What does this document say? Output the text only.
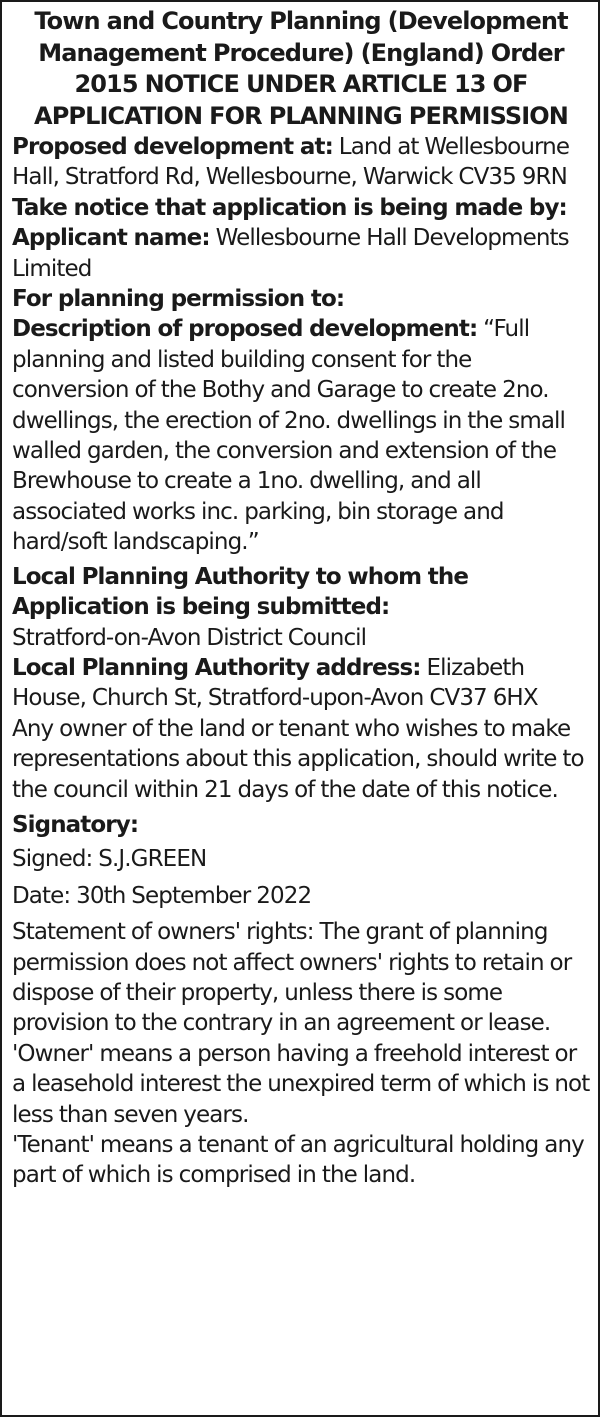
Town and Country Planning (Development Management Procedure) (England) Order 2015 NOTICE UNDER ARTICLE 13 OF APPLICATION FOR PLANNING PERMISSION

Proposed development at: Land at Wellesbourne Hall, Stratford Rd, Wellesbourne, Warwick CV35 9RN

Take notice that application is being made by:

Applicant name: Wellesbourne Hall Developments Limited

For planning permission to:

Description of proposed development: “Full planning and listed building consent for the conversion of the Bothy and Garage to create 2no. dwellings, the erection of 2no. dwellings in the small walled garden, the conversion and extension of the Brewhouse to create a 1no. dwelling, and all associated works inc. parking, bin storage and hard/soft landscaping.”

Local Planning Authority to whom the Application is being submitted:

Stratford-on-Avon District Council

Local Planning Authority address: Elizabeth House, Church St, Stratford-upon-Avon CV37 6HX

Any owner of the land or tenant who wishes to make representations about this application, should write to the council within 21 days of the date of this notice.

Signatory:

Signed: S.J.GREEN

Date: 30th September 2022

Statement of owners' rights: The grant of planning permission does not affect owners' rights to retain or dispose of their property, unless there is some provision to the contrary in an agreement or lease.

'Owner' means a person having a freehold interest or a leasehold interest the unexpired term of which is not less than seven years.

'Tenant' means a tenant of an agricultural holding any part of which is comprised in the land.
